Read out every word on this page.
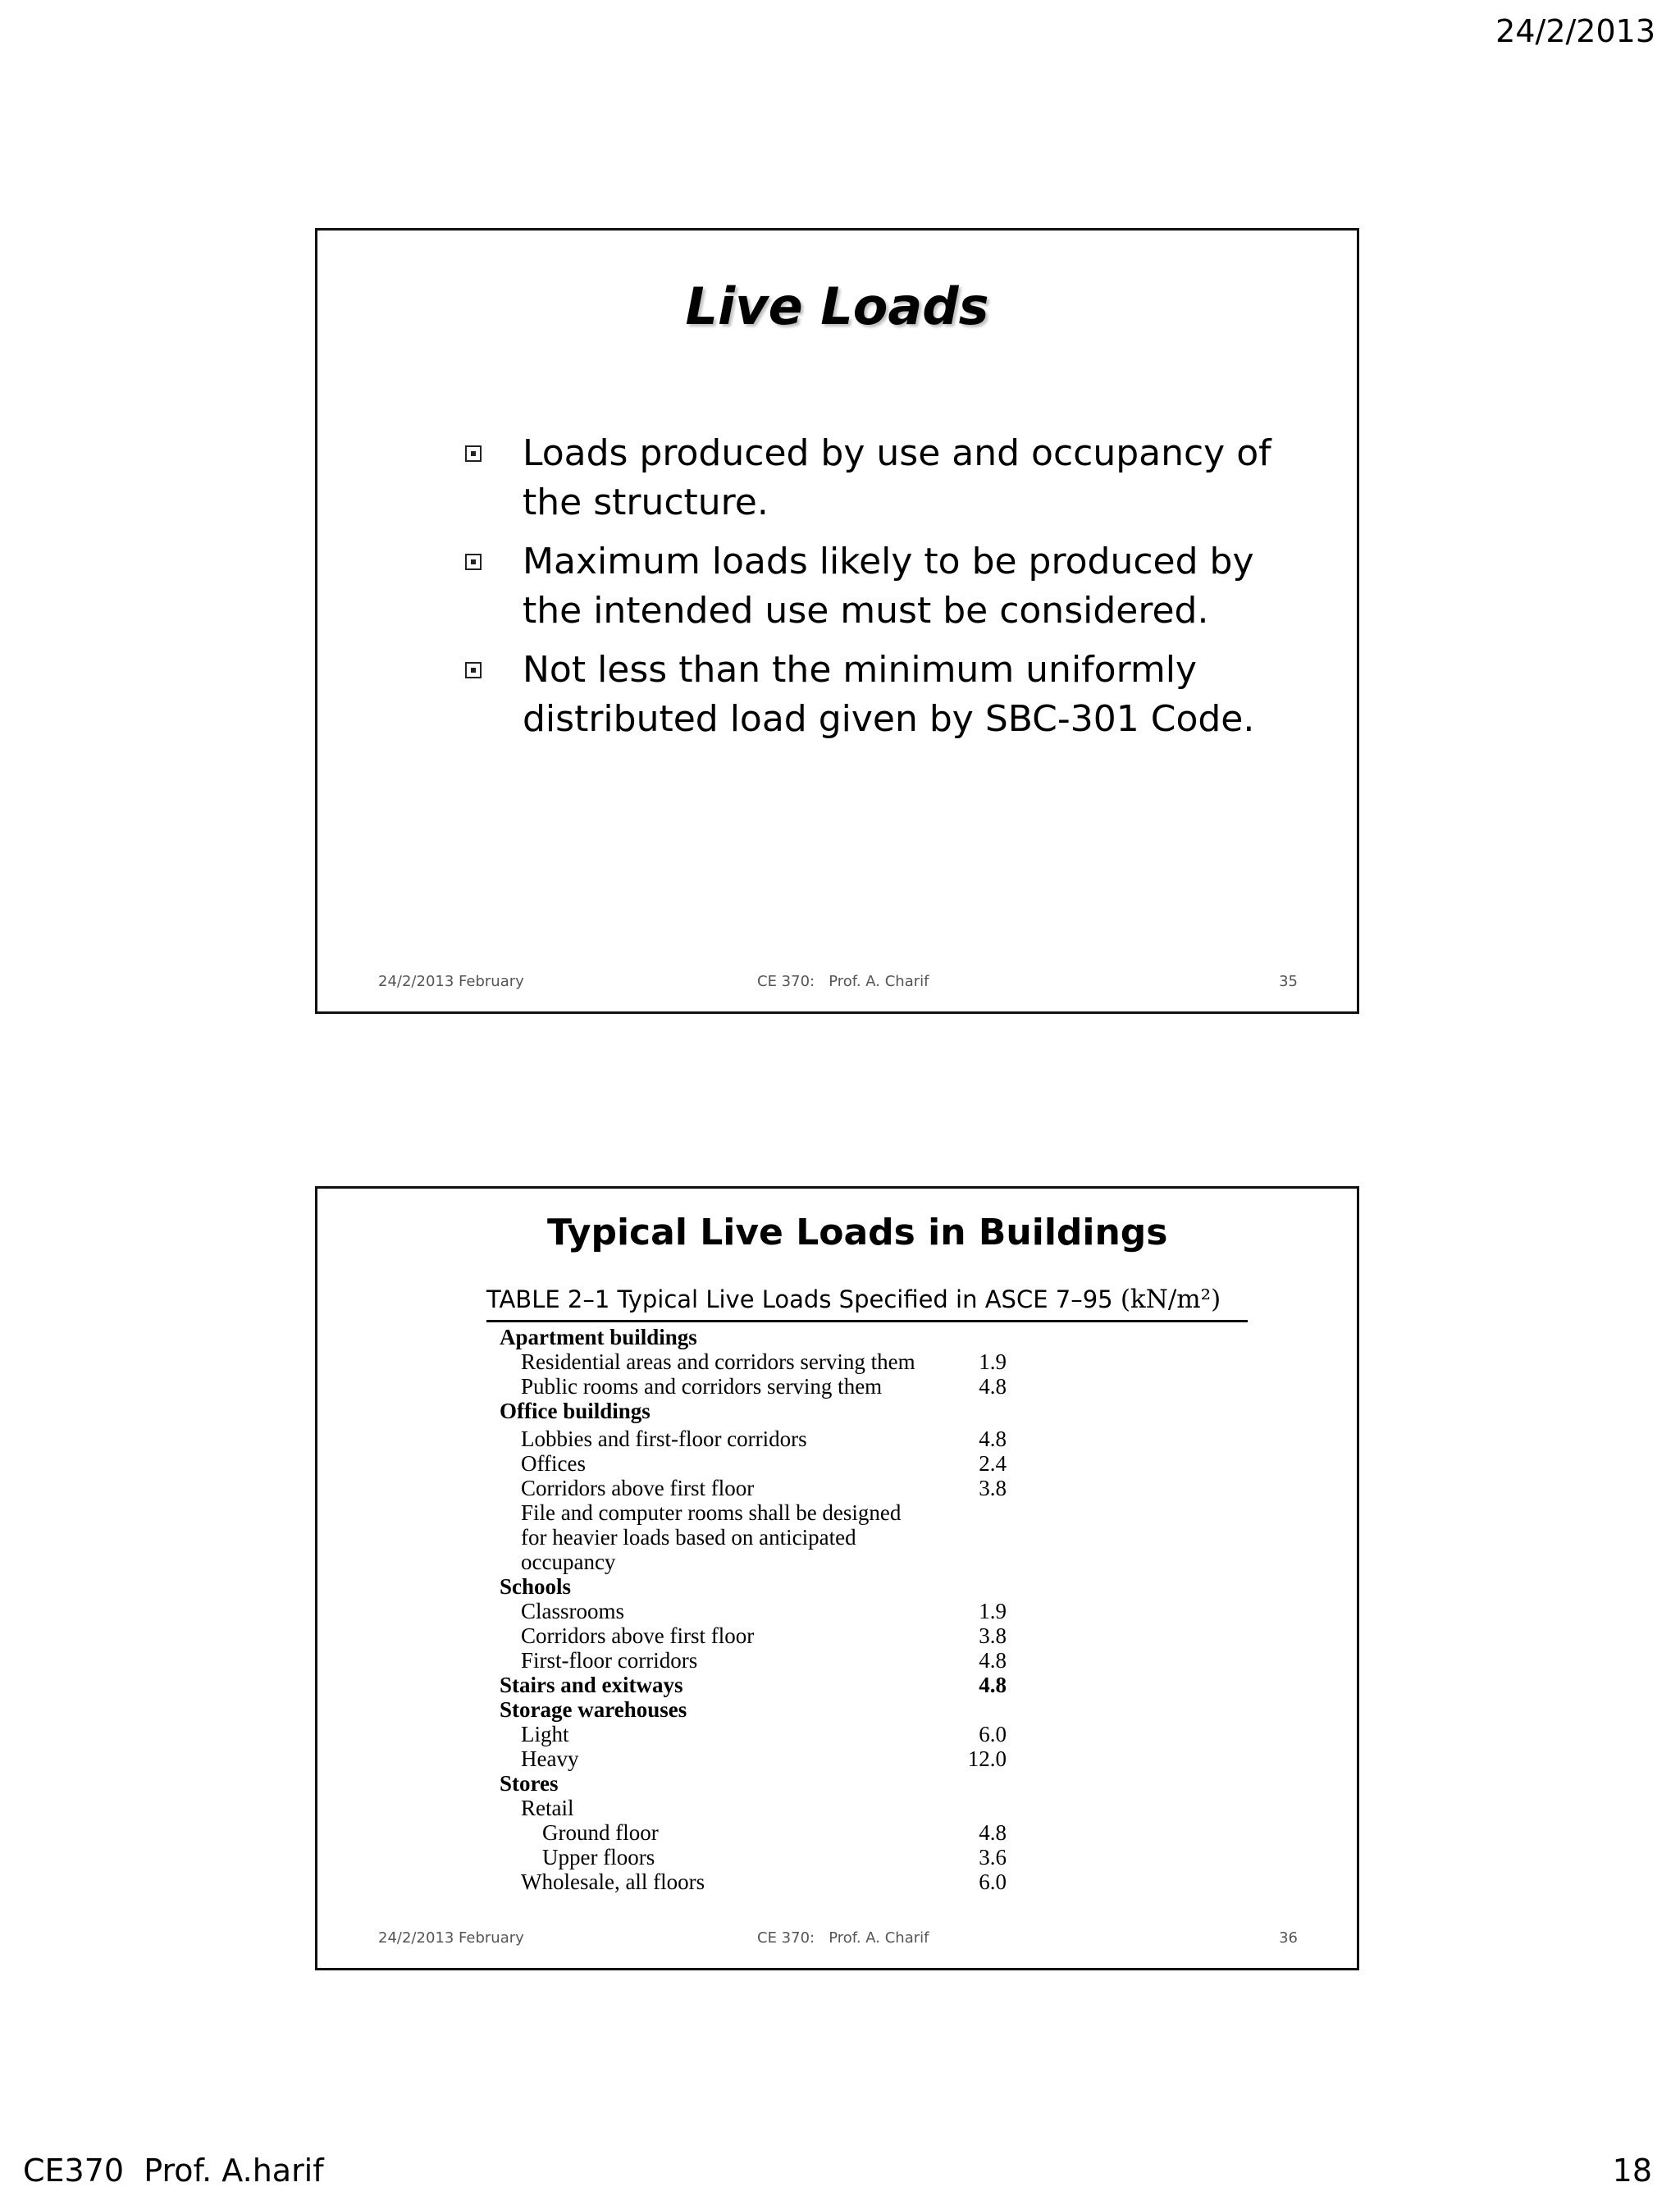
24/2/2013
Live Loads
Loads produced by use and occupancy of the structure.
Maximum loads likely to be produced by the intended use must be considered.
Not less than the minimum uniformly distributed load given by SBC-301 Code.
24/2/2013 February	CE 370:   Prof. A. Charif	35
Typical Live Loads in Buildings
TABLE 2–1 Typical Live Loads Specified in ASCE 7–95 (kN/m²)
Apartment buildings
Residential areas and corridors serving them	1.9
Public rooms and corridors serving them	4.8
Office buildings
Lobbies and first-floor corridors	4.8
Offices	2.4
Corridors above first floor	3.8
File and computer rooms shall be designed
for heavier loads based on anticipated
occupancy
Schools
Classrooms	1.9
Corridors above first floor	3.8
First-floor corridors	4.8
Stairs and exitways	4.8
Storage warehouses
Light	6.0
Heavy	12.0
Stores
Retail
Ground floor	4.8
Upper floors	3.6
Wholesale, all floors	6.0
24/2/2013 February	CE 370:   Prof. A. Charif	36
CE370  Prof. A.harif	18
